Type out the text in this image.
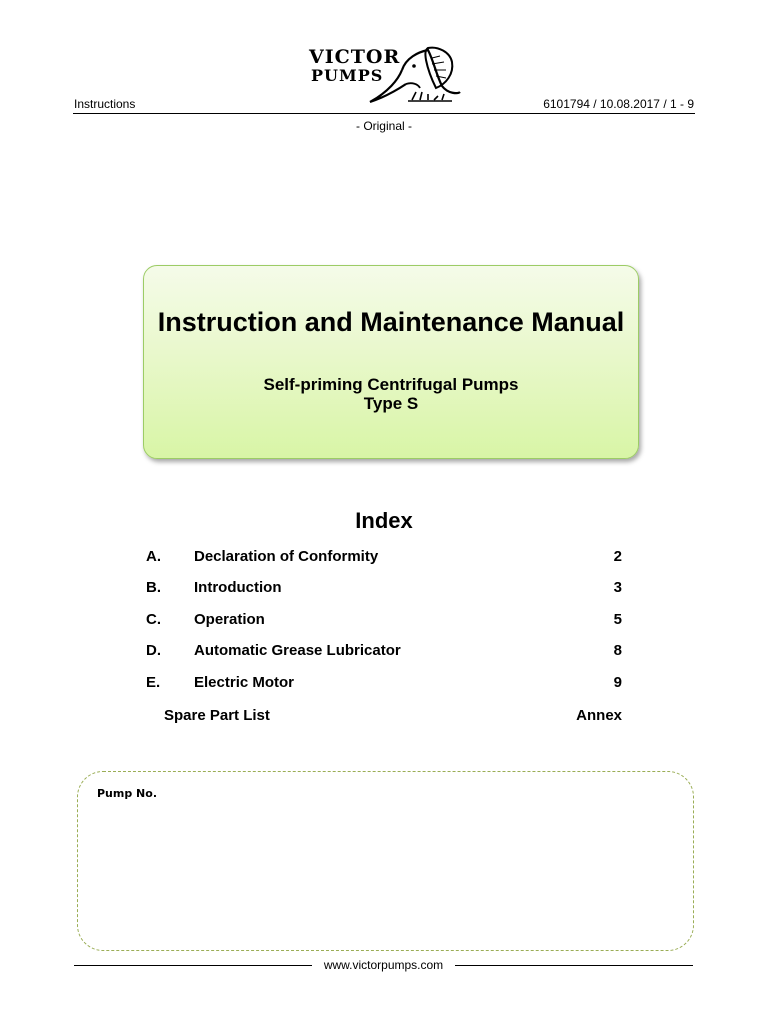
VICTOR
PUMPS
Instructions	6101794 / 10.08.2017 / 1 - 9
- Original -
Instruction and Maintenance Manual
Self-priming Centrifugal Pumps
Type S
Index
A. Declaration of Conformity	2
B. Introduction	3
C. Operation	5
D. Automatic Grease Lubricator	8
E. Electric Motor	9
Spare Part List	Annex
Pump No.
www.victorpumps.com
